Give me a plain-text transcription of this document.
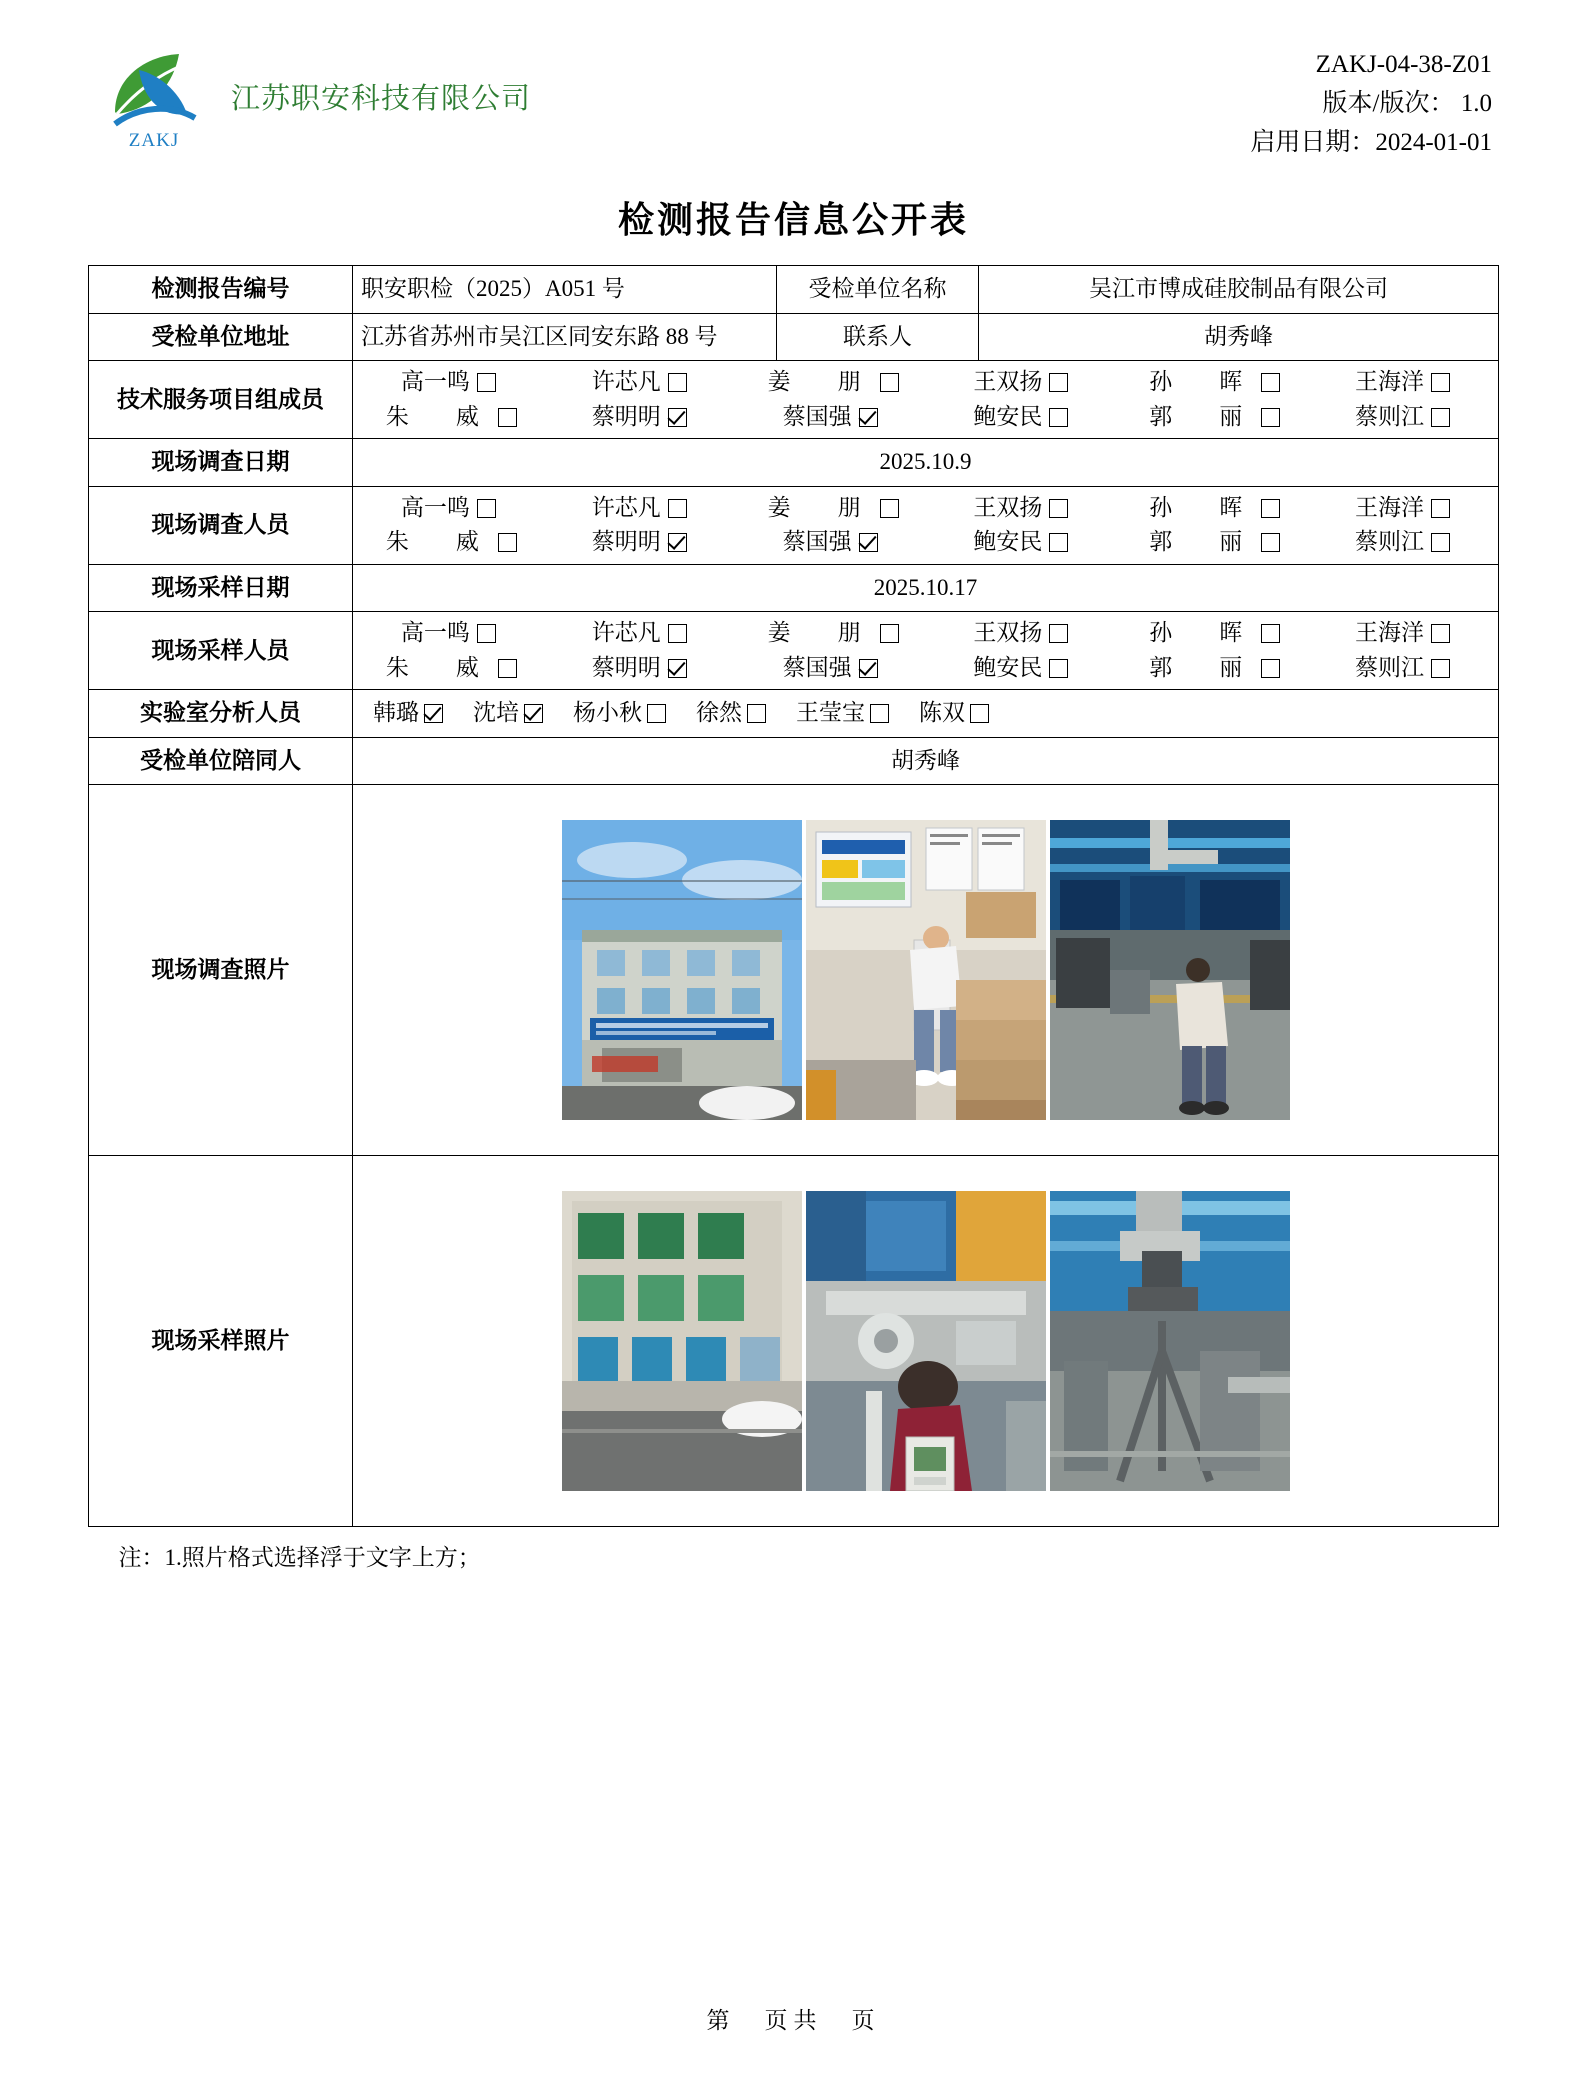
ZAKJ
江苏职安科技有限公司
ZAKJ-04-38-Z01
版本/版次： 1.0
启用日期：2024-01-01
检测报告信息公开表
检测报告编号	职安职检（2025）A051 号	受检单位名称	吴江市博成硅胶制品有限公司
受检单位地址	江苏省苏州市吴江区同安东路 88 号	联系人	胡秀峰
技术服务项目组成员	
高一鸣	许芯凡	姜　朋	王双扬	孙　晖	王海洋
朱　威	蔡明明	蔡国强	鲍安民	郭　丽	蔡则江

现场调查日期	2025.10.9		
现场调查人员	
高一鸣	许芯凡	姜　朋	王双扬	孙　晖	王海洋
朱　威	蔡明明	蔡国强	鲍安民	郭　丽	蔡则江

现场采样日期	2025.10.17		
现场采样人员	
高一鸣	许芯凡	姜　朋	王双扬	孙　晖	王海洋
朱　威	蔡明明	蔡国强	鲍安民	郭　丽	蔡则江

实验室分析人员	韩璐 沈培 杨小秋 徐然 王莹宝 陈双

受检单位陪同人	胡秀峰		
现场调查照片	

现场采样照片	
注：1.照片格式选择浮于文字上方；
第　页共　页
